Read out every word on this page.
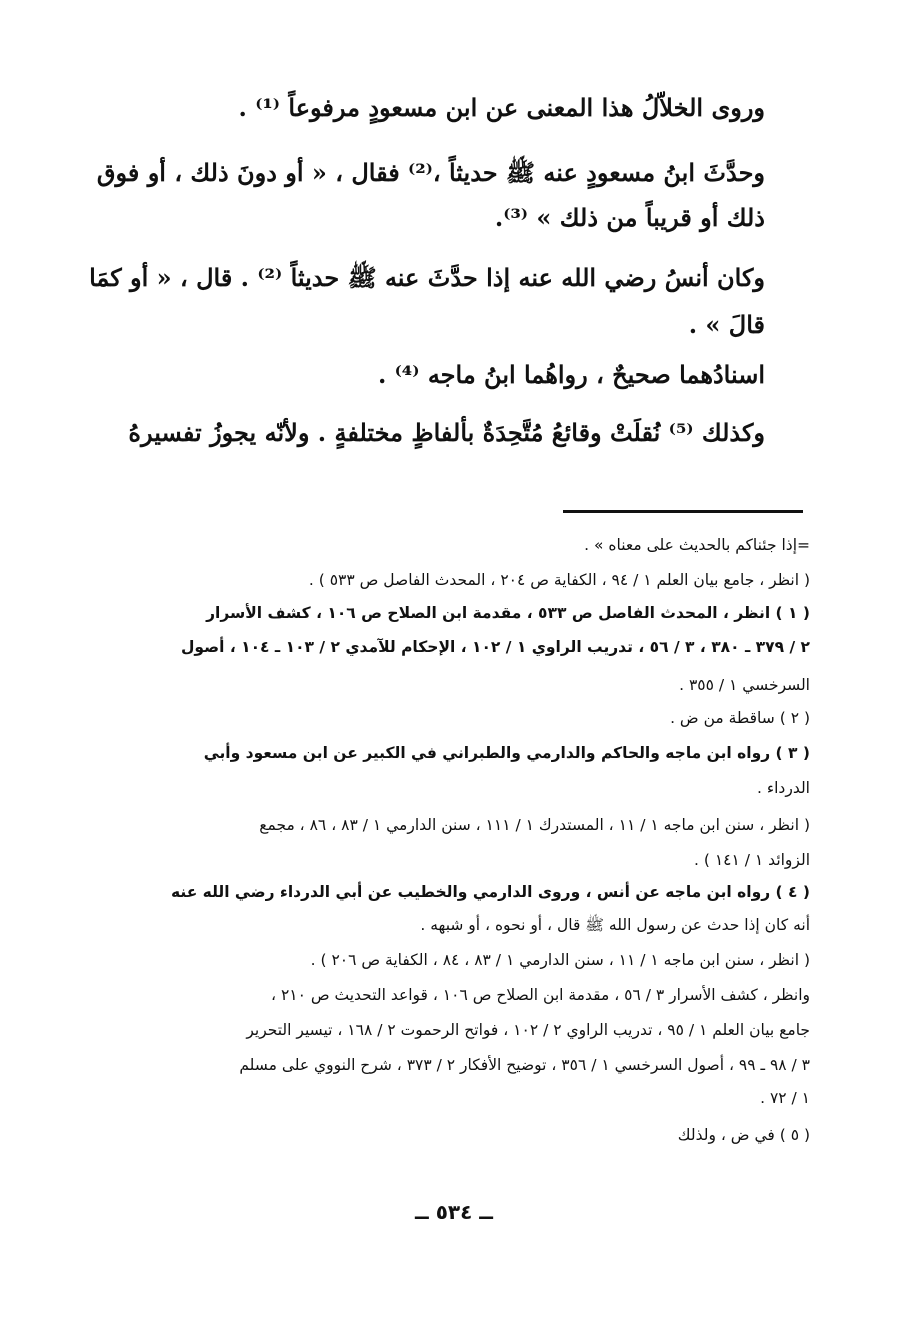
وروى الخلاّلُ هذا المعنى عن ابن مسعودٍ مرفوعاً ⁽¹⁾ .
وحدَّثَ ابنُ مسعودٍ عنه ﷺ حديثاً ،⁽²⁾ فقال ، « أو دونَ ذلك ، أو فوق
ذلك أو قريباً من ذلك » ⁽³⁾.
وكان أنسُ رضي الله عنه إذا حدَّثَ عنه ﷺ حديثاً ⁽²⁾ . قال ، « أو كمَا
قالَ » .
اسنادُهما صحيحٌ ، رواهُما ابنُ ماجه ⁽⁴⁾ .
وكذلك ⁽⁵⁾ نُقلَتْ وقائعُ مُتَّحِدَةٌ بألفاظٍ مختلفةٍ . ولأنّه يجوزُ تفسيرهُ
=إذا جئناكم بالحديث على معناه » .
( انظر ، جامع بيان العلم ١ / ٩٤ ، الكفاية ص ٢٠٤ ، المحدث الفاصل ص ٥٣٣ ) .
( ١ ) انظر ، المحدث الفاصل ص ٥٣٣ ، مقدمة ابن الصلاح ص ١٠٦ ، كشف الأسرار
٢ / ٣٧٩ ـ ٣٨٠ ، ٣ / ٥٦ ، تدريب الراوي ١ / ١٠٢ ، الإحكام للآمدي ٢ / ١٠٣ ـ ١٠٤ ، أصول
السرخسي ١ / ٣٥٥ .
( ٢ ) ساقطة من ض .
( ٣ ) رواه ابن ماجه والحاكم والدارمي والطبراني في الكبير عن ابن مسعود وأبي
الدرداء .
( انظر ، سنن ابن ماجه ١ / ١١ ، المستدرك ١ / ١١١ ، سنن الدارمي ١ / ٨٣ ، ٨٦ ، مجمع
الزوائد ١ / ١٤١ ) .
( ٤ ) رواه ابن ماجه عن أنس ، وروى الدارمي والخطيب عن أبي الدرداء رضي الله عنه
أنه كان إذا حدث عن رسول الله ﷺ قال ، أو نحوه ، أو شبهه .
( انظر ، سنن ابن ماجه ١ / ١١ ، سنن الدارمي ١ / ٨٣ ، ٨٤ ، الكفاية ص ٢٠٦ ) .
وانظر ، كشف الأسرار ٣ / ٥٦ ، مقدمة ابن الصلاح ص ١٠٦ ، قواعد التحديث ص ٢١٠ ،
جامع بيان العلم ١ / ٩٥ ، تدريب الراوي ٢ / ١٠٢ ، فواتح الرحموت ٢ / ١٦٨ ، تيسير التحرير
٣ / ٩٨ ـ ٩٩ ، أصول السرخسي ١ / ٣٥٦ ، توضيح الأفكار ٢ / ٣٧٣ ، شرح النووي على مسلم
١ / ٧٢ .
( ٥ ) في ض ، ولذلك
ــ ٥٣٤ ــ
